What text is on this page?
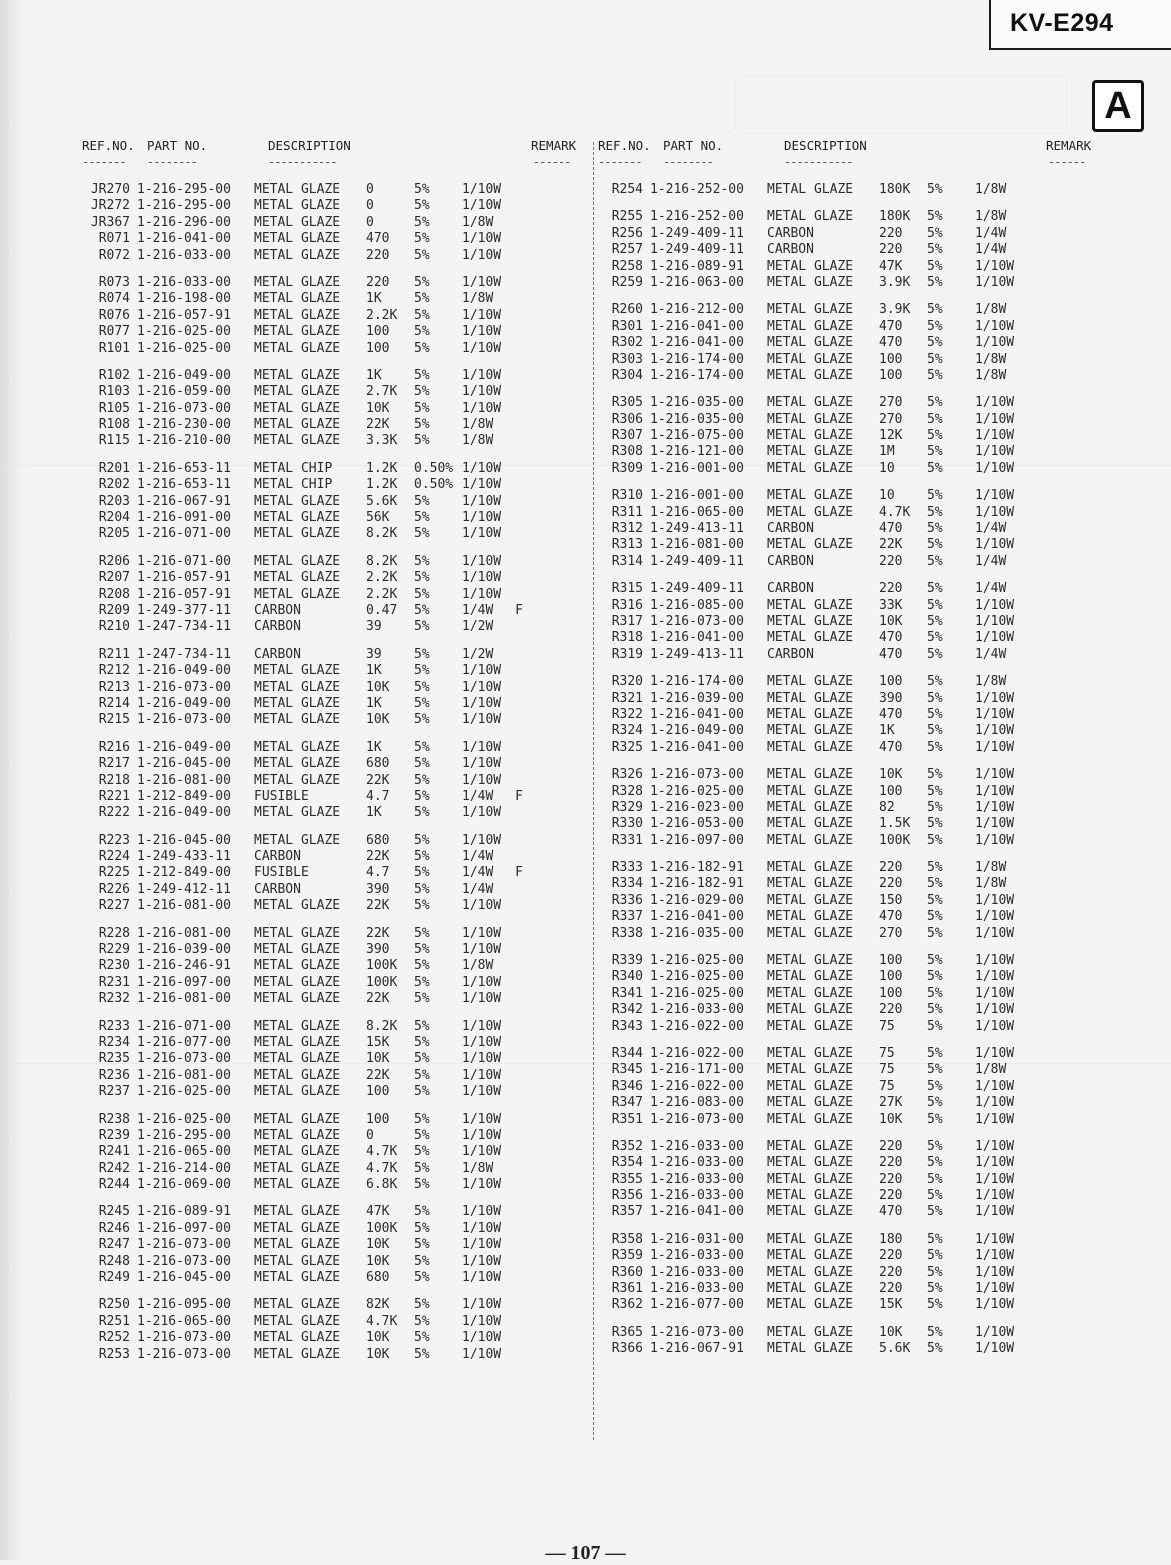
KV-E294
A
REF.NO. PART NO.	DESCRIPTION	REMARK
------- --------	-----------	------
REF.NO. PART NO.	DESCRIPTION	REMARK
------- --------	-----------	------
JR270 1-216-295-00	METAL GLAZE	0	5%	1/10W
JR272 1-216-295-00	METAL GLAZE	0	5%	1/10W
JR367 1-216-296-00	METAL GLAZE	0	5%	1/8W
R071 1-216-041-00	METAL GLAZE	470	5%	1/10W
R072 1-216-033-00	METAL GLAZE	220	5%	1/10W
R073 1-216-033-00	METAL GLAZE	220	5%	1/10W
R074 1-216-198-00	METAL GLAZE	1K	5%	1/8W
R076 1-216-057-91	METAL GLAZE	2.2K	5%	1/10W
R077 1-216-025-00	METAL GLAZE	100	5%	1/10W
R101 1-216-025-00	METAL GLAZE	100	5%	1/10W
R102 1-216-049-00	METAL GLAZE	1K	5%	1/10W
R103 1-216-059-00	METAL GLAZE	2.7K	5%	1/10W
R105 1-216-073-00	METAL GLAZE	10K	5%	1/10W
R108 1-216-230-00	METAL GLAZE	22K	5%	1/8W
R115 1-216-210-00	METAL GLAZE	3.3K	5%	1/8W
R201 1-216-653-11	METAL CHIP	1.2K	0.50% 1/10W
R202 1-216-653-11	METAL CHIP	1.2K	0.50% 1/10W
R203 1-216-067-91	METAL GLAZE	5.6K	5%	1/10W
R204 1-216-091-00	METAL GLAZE	56K	5%	1/10W
R205 1-216-071-00	METAL GLAZE	8.2K	5%	1/10W
R206 1-216-071-00	METAL GLAZE	8.2K	5%	1/10W
R207 1-216-057-91	METAL GLAZE	2.2K	5%	1/10W
R208 1-216-057-91	METAL GLAZE	2.2K	5%	1/10W
R209 1-249-377-11	CARBON	0.47	5%	1/4W	F
R210 1-247-734-11	CARBON	39	5%	1/2W
R211 1-247-734-11	CARBON	39	5%	1/2W
R212 1-216-049-00	METAL GLAZE	1K	5%	1/10W
R213 1-216-073-00	METAL GLAZE	10K	5%	1/10W
R214 1-216-049-00	METAL GLAZE	1K	5%	1/10W
R215 1-216-073-00	METAL GLAZE	10K	5%	1/10W
R216 1-216-049-00	METAL GLAZE	1K	5%	1/10W
R217 1-216-045-00	METAL GLAZE	680	5%	1/10W
R218 1-216-081-00	METAL GLAZE	22K	5%	1/10W
R221 1-212-849-00	FUSIBLE	4.7	5%	1/4W	F
R222 1-216-049-00	METAL GLAZE	1K	5%	1/10W
R223 1-216-045-00	METAL GLAZE	680	5%	1/10W
R224 1-249-433-11	CARBON	22K	5%	1/4W
R225 1-212-849-00	FUSIBLE	4.7	5%	1/4W	F
R226 1-249-412-11	CARBON	390	5%	1/4W
R227 1-216-081-00	METAL GLAZE	22K	5%	1/10W
R228 1-216-081-00	METAL GLAZE	22K	5%	1/10W
R229 1-216-039-00	METAL GLAZE	390	5%	1/10W
R230 1-216-246-91	METAL GLAZE	100K	5%	1/8W
R231 1-216-097-00	METAL GLAZE	100K	5%	1/10W
R232 1-216-081-00	METAL GLAZE	22K	5%	1/10W
R233 1-216-071-00	METAL GLAZE	8.2K	5%	1/10W
R234 1-216-077-00	METAL GLAZE	15K	5%	1/10W
R235 1-216-073-00	METAL GLAZE	10K	5%	1/10W
R236 1-216-081-00	METAL GLAZE	22K	5%	1/10W
R237 1-216-025-00	METAL GLAZE	100	5%	1/10W
R238 1-216-025-00	METAL GLAZE	100	5%	1/10W
R239 1-216-295-00	METAL GLAZE	0	5%	1/10W
R241 1-216-065-00	METAL GLAZE	4.7K	5%	1/10W
R242 1-216-214-00	METAL GLAZE	4.7K	5%	1/8W
R244 1-216-069-00	METAL GLAZE	6.8K	5%	1/10W
R245 1-216-089-91	METAL GLAZE	47K	5%	1/10W
R246 1-216-097-00	METAL GLAZE	100K	5%	1/10W
R247 1-216-073-00	METAL GLAZE	10K	5%	1/10W
R248 1-216-073-00	METAL GLAZE	10K	5%	1/10W
R249 1-216-045-00	METAL GLAZE	680	5%	1/10W
R250 1-216-095-00	METAL GLAZE	82K	5%	1/10W
R251 1-216-065-00	METAL GLAZE	4.7K	5%	1/10W
R252 1-216-073-00	METAL GLAZE	10K	5%	1/10W
R253 1-216-073-00	METAL GLAZE	10K	5%	1/10W
R254 1-216-252-00	METAL GLAZE	180K	5%	1/8W
R255 1-216-252-00	METAL GLAZE	180K	5%	1/8W
R256 1-249-409-11	CARBON	220	5%	1/4W
R257 1-249-409-11	CARBON	220	5%	1/4W
R258 1-216-089-91	METAL GLAZE	47K	5%	1/10W
R259 1-216-063-00	METAL GLAZE	3.9K	5%	1/10W
R260 1-216-212-00	METAL GLAZE	3.9K	5%	1/8W
R301 1-216-041-00	METAL GLAZE	470	5%	1/10W
R302 1-216-041-00	METAL GLAZE	470	5%	1/10W
R303 1-216-174-00	METAL GLAZE	100	5%	1/8W
R304 1-216-174-00	METAL GLAZE	100	5%	1/8W
R305 1-216-035-00	METAL GLAZE	270	5%	1/10W
R306 1-216-035-00	METAL GLAZE	270	5%	1/10W
R307 1-216-075-00	METAL GLAZE	12K	5%	1/10W
R308 1-216-121-00	METAL GLAZE	1M	5%	1/10W
R309 1-216-001-00	METAL GLAZE	10	5%	1/10W
R310 1-216-001-00	METAL GLAZE	10	5%	1/10W
R311 1-216-065-00	METAL GLAZE	4.7K	5%	1/10W
R312 1-249-413-11	CARBON	470	5%	1/4W
R313 1-216-081-00	METAL GLAZE	22K	5%	1/10W
R314 1-249-409-11	CARBON	220	5%	1/4W
R315 1-249-409-11	CARBON	220	5%	1/4W
R316 1-216-085-00	METAL GLAZE	33K	5%	1/10W
R317 1-216-073-00	METAL GLAZE	10K	5%	1/10W
R318 1-216-041-00	METAL GLAZE	470	5%	1/10W
R319 1-249-413-11	CARBON	470	5%	1/4W
R320 1-216-174-00	METAL GLAZE	100	5%	1/8W
R321 1-216-039-00	METAL GLAZE	390	5%	1/10W
R322 1-216-041-00	METAL GLAZE	470	5%	1/10W
R324 1-216-049-00	METAL GLAZE	1K	5%	1/10W
R325 1-216-041-00	METAL GLAZE	470	5%	1/10W
R326 1-216-073-00	METAL GLAZE	10K	5%	1/10W
R328 1-216-025-00	METAL GLAZE	100	5%	1/10W
R329 1-216-023-00	METAL GLAZE	82	5%	1/10W
R330 1-216-053-00	METAL GLAZE	1.5K	5%	1/10W
R331 1-216-097-00	METAL GLAZE	100K	5%	1/10W
R333 1-216-182-91	METAL GLAZE	220	5%	1/8W
R334 1-216-182-91	METAL GLAZE	220	5%	1/8W
R336 1-216-029-00	METAL GLAZE	150	5%	1/10W
R337 1-216-041-00	METAL GLAZE	470	5%	1/10W
R338 1-216-035-00	METAL GLAZE	270	5%	1/10W
R339 1-216-025-00	METAL GLAZE	100	5%	1/10W
R340 1-216-025-00	METAL GLAZE	100	5%	1/10W
R341 1-216-025-00	METAL GLAZE	100	5%	1/10W
R342 1-216-033-00	METAL GLAZE	220	5%	1/10W
R343 1-216-022-00	METAL GLAZE	75	5%	1/10W
R344 1-216-022-00	METAL GLAZE	75	5%	1/10W
R345 1-216-171-00	METAL GLAZE	75	5%	1/8W
R346 1-216-022-00	METAL GLAZE	75	5%	1/10W
R347 1-216-083-00	METAL GLAZE	27K	5%	1/10W
R351 1-216-073-00	METAL GLAZE	10K	5%	1/10W
R352 1-216-033-00	METAL GLAZE	220	5%	1/10W
R354 1-216-033-00	METAL GLAZE	220	5%	1/10W
R355 1-216-033-00	METAL GLAZE	220	5%	1/10W
R356 1-216-033-00	METAL GLAZE	220	5%	1/10W
R357 1-216-041-00	METAL GLAZE	470	5%	1/10W
R358 1-216-031-00	METAL GLAZE	180	5%	1/10W
R359 1-216-033-00	METAL GLAZE	220	5%	1/10W
R360 1-216-033-00	METAL GLAZE	220	5%	1/10W
R361 1-216-033-00	METAL GLAZE	220	5%	1/10W
R362 1-216-077-00	METAL GLAZE	15K	5%	1/10W
R365 1-216-073-00	METAL GLAZE	10K	5%	1/10W
R366 1-216-067-91	METAL GLAZE	5.6K	5%	1/10W
— 107 —
